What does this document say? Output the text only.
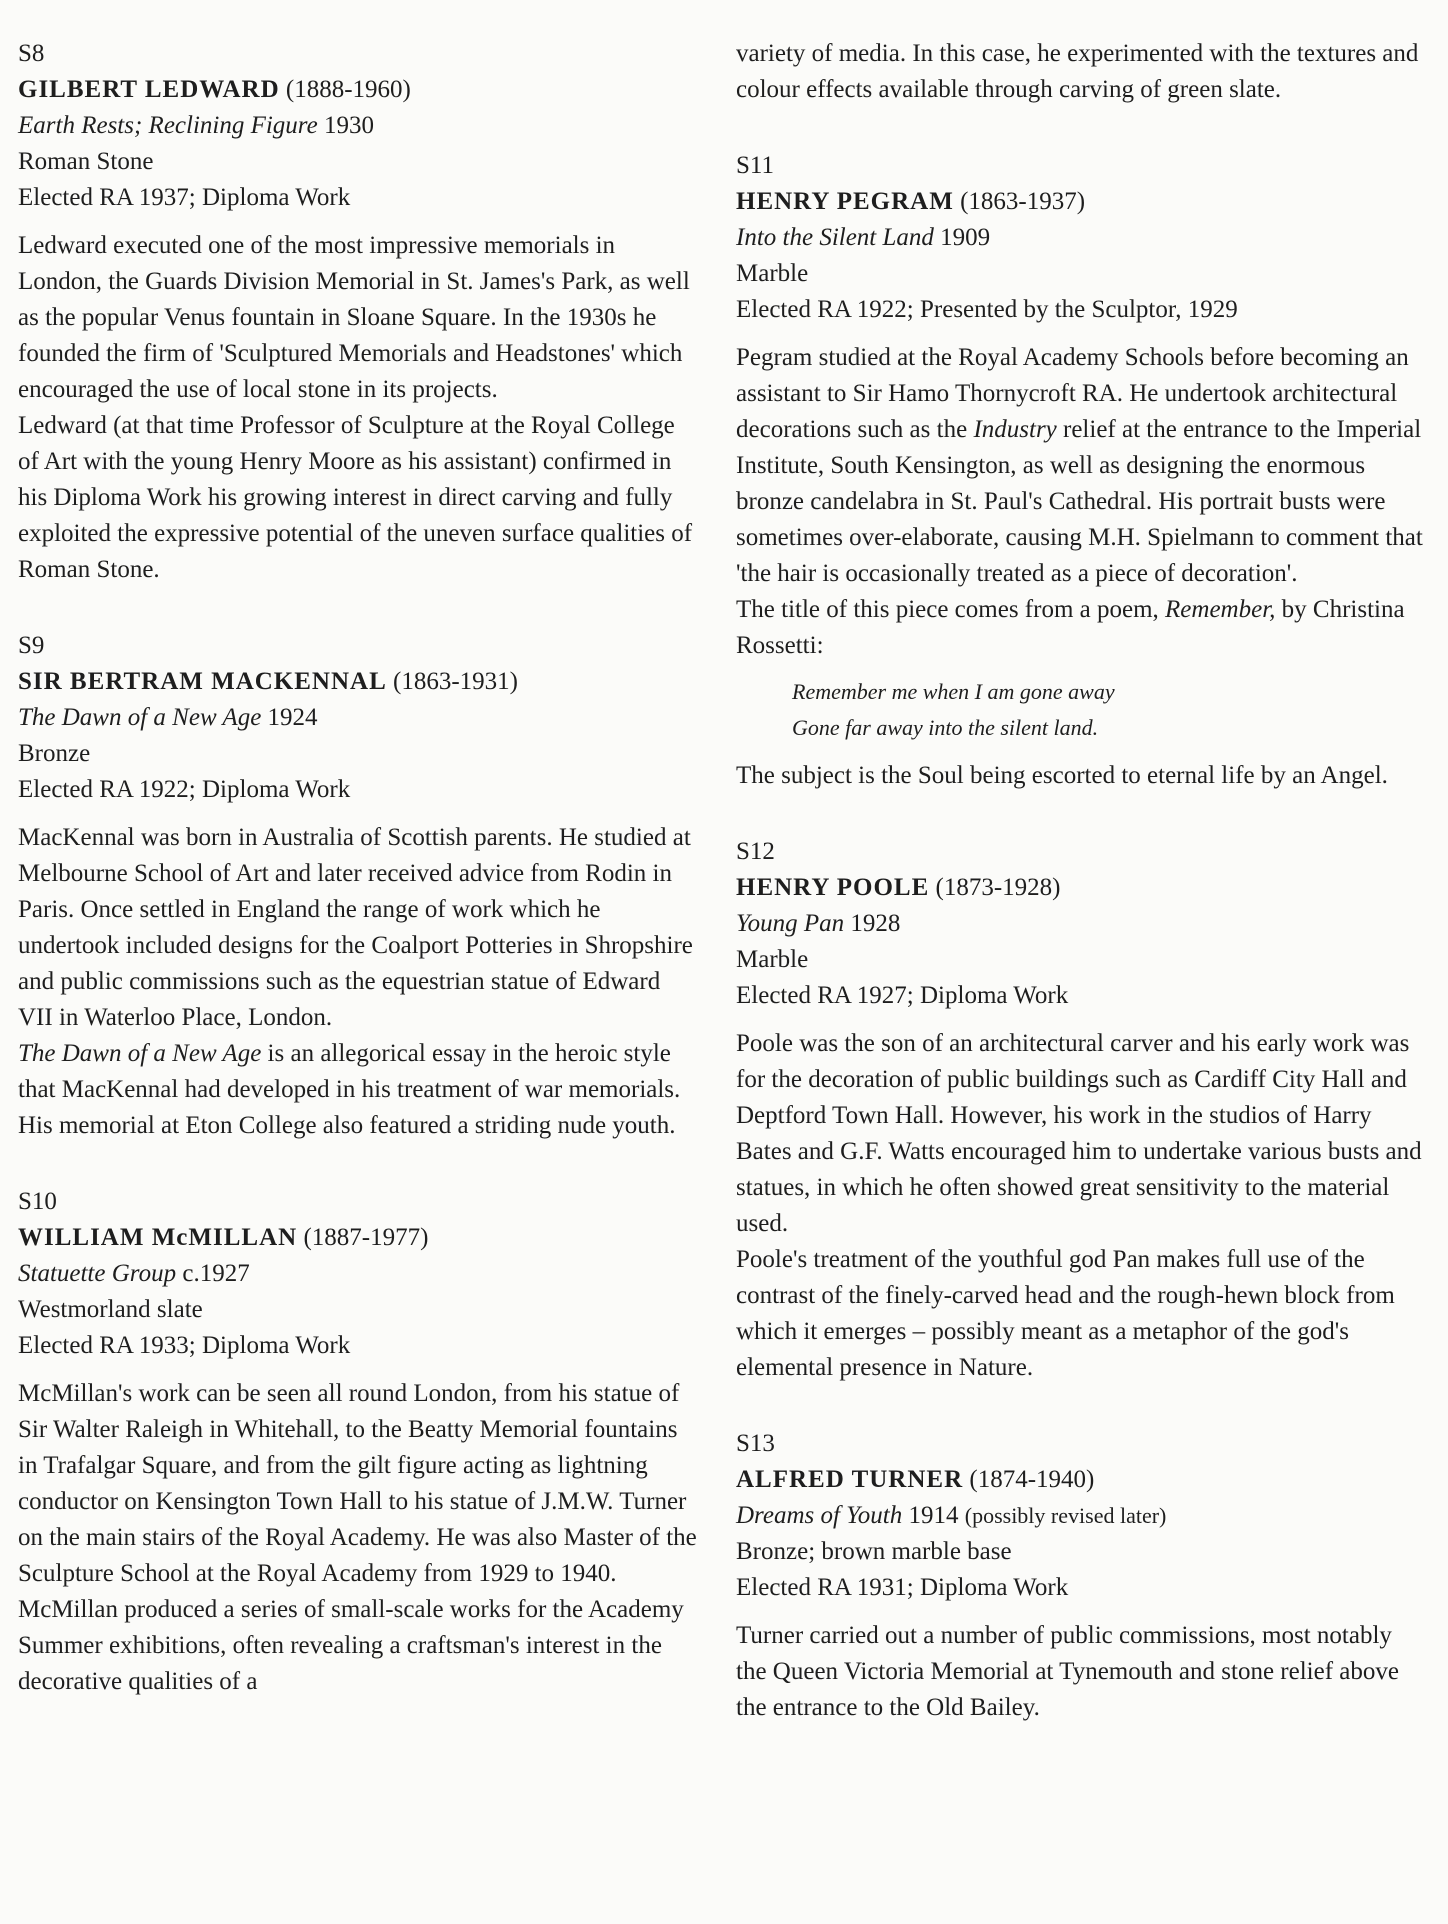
S8
GILBERT LEDWARD (1888-1960)
Earth Rests; Reclining Figure 1930
Roman Stone
Elected RA 1937; Diploma Work

Ledward executed one of the most impressive memorials in London, the Guards Division Memorial in St. James's Park, as well as the popular Venus fountain in Sloane Square. In the 1930s he founded the firm of 'Sculptured Memorials and Headstones' which encouraged the use of local stone in its projects.

Ledward (at that time Professor of Sculpture at the Royal College of Art with the young Henry Moore as his assistant) confirmed in his Diploma Work his growing interest in direct carving and fully exploited the expressive potential of the uneven surface qualities of Roman Stone.

S9
SIR BERTRAM MACKENNAL (1863-1931)
The Dawn of a New Age 1924
Bronze
Elected RA 1922; Diploma Work

MacKennal was born in Australia of Scottish parents. He studied at Melbourne School of Art and later received advice from Rodin in Paris. Once settled in England the range of work which he undertook included designs for the Coalport Potteries in Shropshire and public commissions such as the equestrian statue of Edward VII in Waterloo Place, London.

The Dawn of a New Age is an allegorical essay in the heroic style that MacKennal had developed in his treatment of war memorials. His memorial at Eton College also featured a striding nude youth.

S10
WILLIAM McMILLAN (1887-1977)
Statuette Group c.1927
Westmorland slate
Elected RA 1933; Diploma Work

McMillan's work can be seen all round London, from his statue of Sir Walter Raleigh in Whitehall, to the Beatty Memorial fountains in Trafalgar Square, and from the gilt figure acting as lightning conductor on Kensington Town Hall to his statue of J.M.W. Turner on the main stairs of the Royal Academy. He was also Master of the Sculpture School at the Royal Academy from 1929 to 1940.

McMillan produced a series of small-scale works for the Academy Summer exhibitions, often revealing a craftsman's interest in the decorative qualities of a

variety of media. In this case, he experimented with the textures and colour effects available through carving of green slate.

S11
HENRY PEGRAM (1863-1937)
Into the Silent Land 1909
Marble
Elected RA 1922; Presented by the Sculptor, 1929

Pegram studied at the Royal Academy Schools before becoming an assistant to Sir Hamo Thornycroft RA. He undertook architectural decorations such as the Industry relief at the entrance to the Imperial Institute, South Kensington, as well as designing the enormous bronze candelabra in St. Paul's Cathedral. His portrait busts were sometimes over-elaborate, causing M.H. Spielmann to comment that 'the hair is occasionally treated as a piece of decoration'.

The title of this piece comes from a poem, Remember, by Christina Rossetti:

Remember me when I am gone away
Gone far away into the silent land.

The subject is the Soul being escorted to eternal life by an Angel.

S12
HENRY POOLE (1873-1928)
Young Pan 1928
Marble
Elected RA 1927; Diploma Work

Poole was the son of an architectural carver and his early work was for the decoration of public buildings such as Cardiff City Hall and Deptford Town Hall. However, his work in the studios of Harry Bates and G.F. Watts encouraged him to undertake various busts and statues, in which he often showed great sensitivity to the material used.

Poole's treatment of the youthful god Pan makes full use of the contrast of the finely-carved head and the rough-hewn block from which it emerges – possibly meant as a metaphor of the god's elemental presence in Nature.

S13
ALFRED TURNER (1874-1940)
Dreams of Youth 1914 (possibly revised later)
Bronze; brown marble base
Elected RA 1931; Diploma Work

Turner carried out a number of public commissions, most notably the Queen Victoria Memorial at Tynemouth and stone relief above the entrance to the Old Bailey.
